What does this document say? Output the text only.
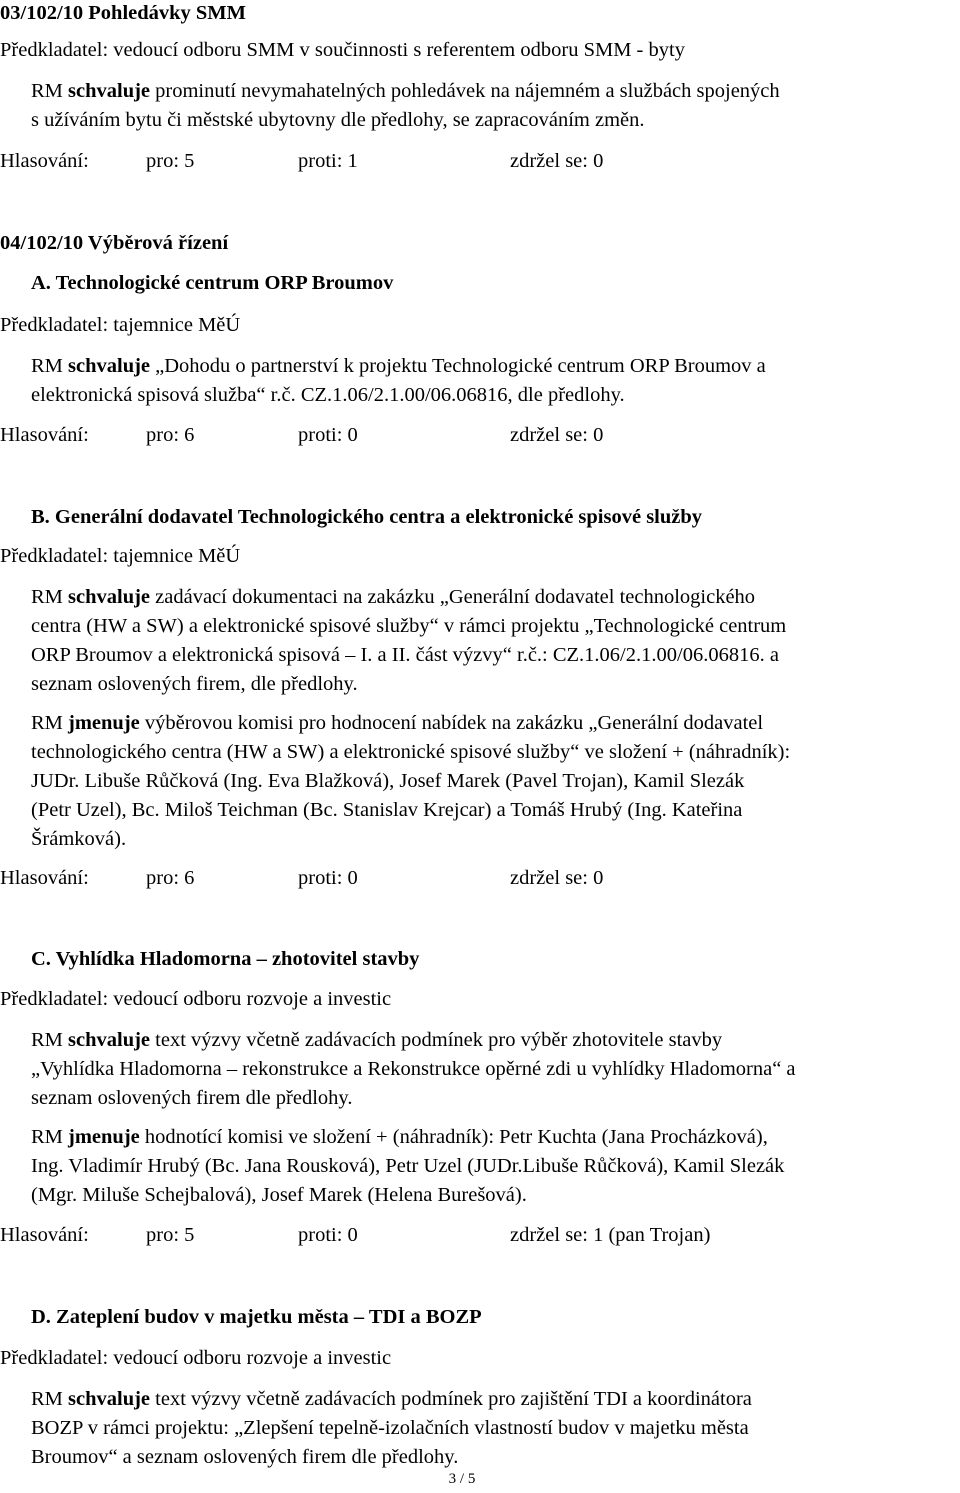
03/102/10 Pohledávky SMM
Předkladatel: vedoucí odboru SMM v součinnosti s referentem odboru SMM - byty
RM schvaluje prominutí nevymahatelných pohledávek na nájemném a službách spojených
s užíváním bytu či městské ubytovny dle předlohy, se zapracováním změn.
Hlasování:	pro: 5	proti: 1	zdržel se: 0
04/102/10 Výběrová řízení
A. Technologické centrum ORP Broumov
Předkladatel: tajemnice MěÚ
RM schvaluje „Dohodu o partnerství k projektu Technologické centrum ORP Broumov a
elektronická spisová služba“ r.č. CZ.1.06/2.1.00/06.06816, dle předlohy.
Hlasování:	pro: 6	proti: 0	zdržel se: 0
B. Generální dodavatel Technologického centra a elektronické spisové služby
Předkladatel: tajemnice MěÚ
RM schvaluje zadávací dokumentaci na zakázku „Generální dodavatel technologického
centra (HW a SW) a elektronické spisové služby“ v rámci projektu „Technologické centrum
ORP Broumov a elektronická spisová – I. a II. část výzvy“ r.č.: CZ.1.06/2.1.00/06.06816. a
seznam oslovených firem, dle předlohy.
RM jmenuje výběrovou komisi pro hodnocení nabídek na zakázku „Generální dodavatel
technologického centra (HW a SW) a elektronické spisové služby“ ve složení + (náhradník):
JUDr. Libuše Růčková (Ing. Eva Blažková), Josef Marek (Pavel Trojan), Kamil Slezák
(Petr Uzel), Bc. Miloš Teichman (Bc. Stanislav Krejcar) a Tomáš Hrubý (Ing. Kateřina
Šrámková).
Hlasování:	pro: 6	proti: 0	zdržel se: 0
C. Vyhlídka Hladomorna – zhotovitel stavby
Předkladatel: vedoucí odboru rozvoje a investic
RM schvaluje text výzvy včetně zadávacích podmínek pro výběr zhotovitele stavby
„Vyhlídka Hladomorna – rekonstrukce a Rekonstrukce opěrné zdi u vyhlídky Hladomorna“ a
seznam oslovených firem dle předlohy.
RM jmenuje hodnotící komisi ve složení + (náhradník): Petr Kuchta (Jana Procházková),
Ing. Vladimír Hrubý (Bc. Jana Rousková), Petr Uzel (JUDr.Libuše Růčková), Kamil Slezák
(Mgr. Miluše Schejbalová), Josef Marek (Helena Burešová).
Hlasování:	pro: 5	proti: 0	zdržel se: 1 (pan Trojan)
D. Zateplení budov v majetku města – TDI a BOZP
Předkladatel: vedoucí odboru rozvoje a investic
RM schvaluje text výzvy včetně zadávacích podmínek pro zajištění TDI a koordinátora
BOZP v rámci projektu: „Zlepšení tepelně-izolačních vlastností budov v majetku města
Broumov“ a seznam oslovených firem dle předlohy.
3 / 5
